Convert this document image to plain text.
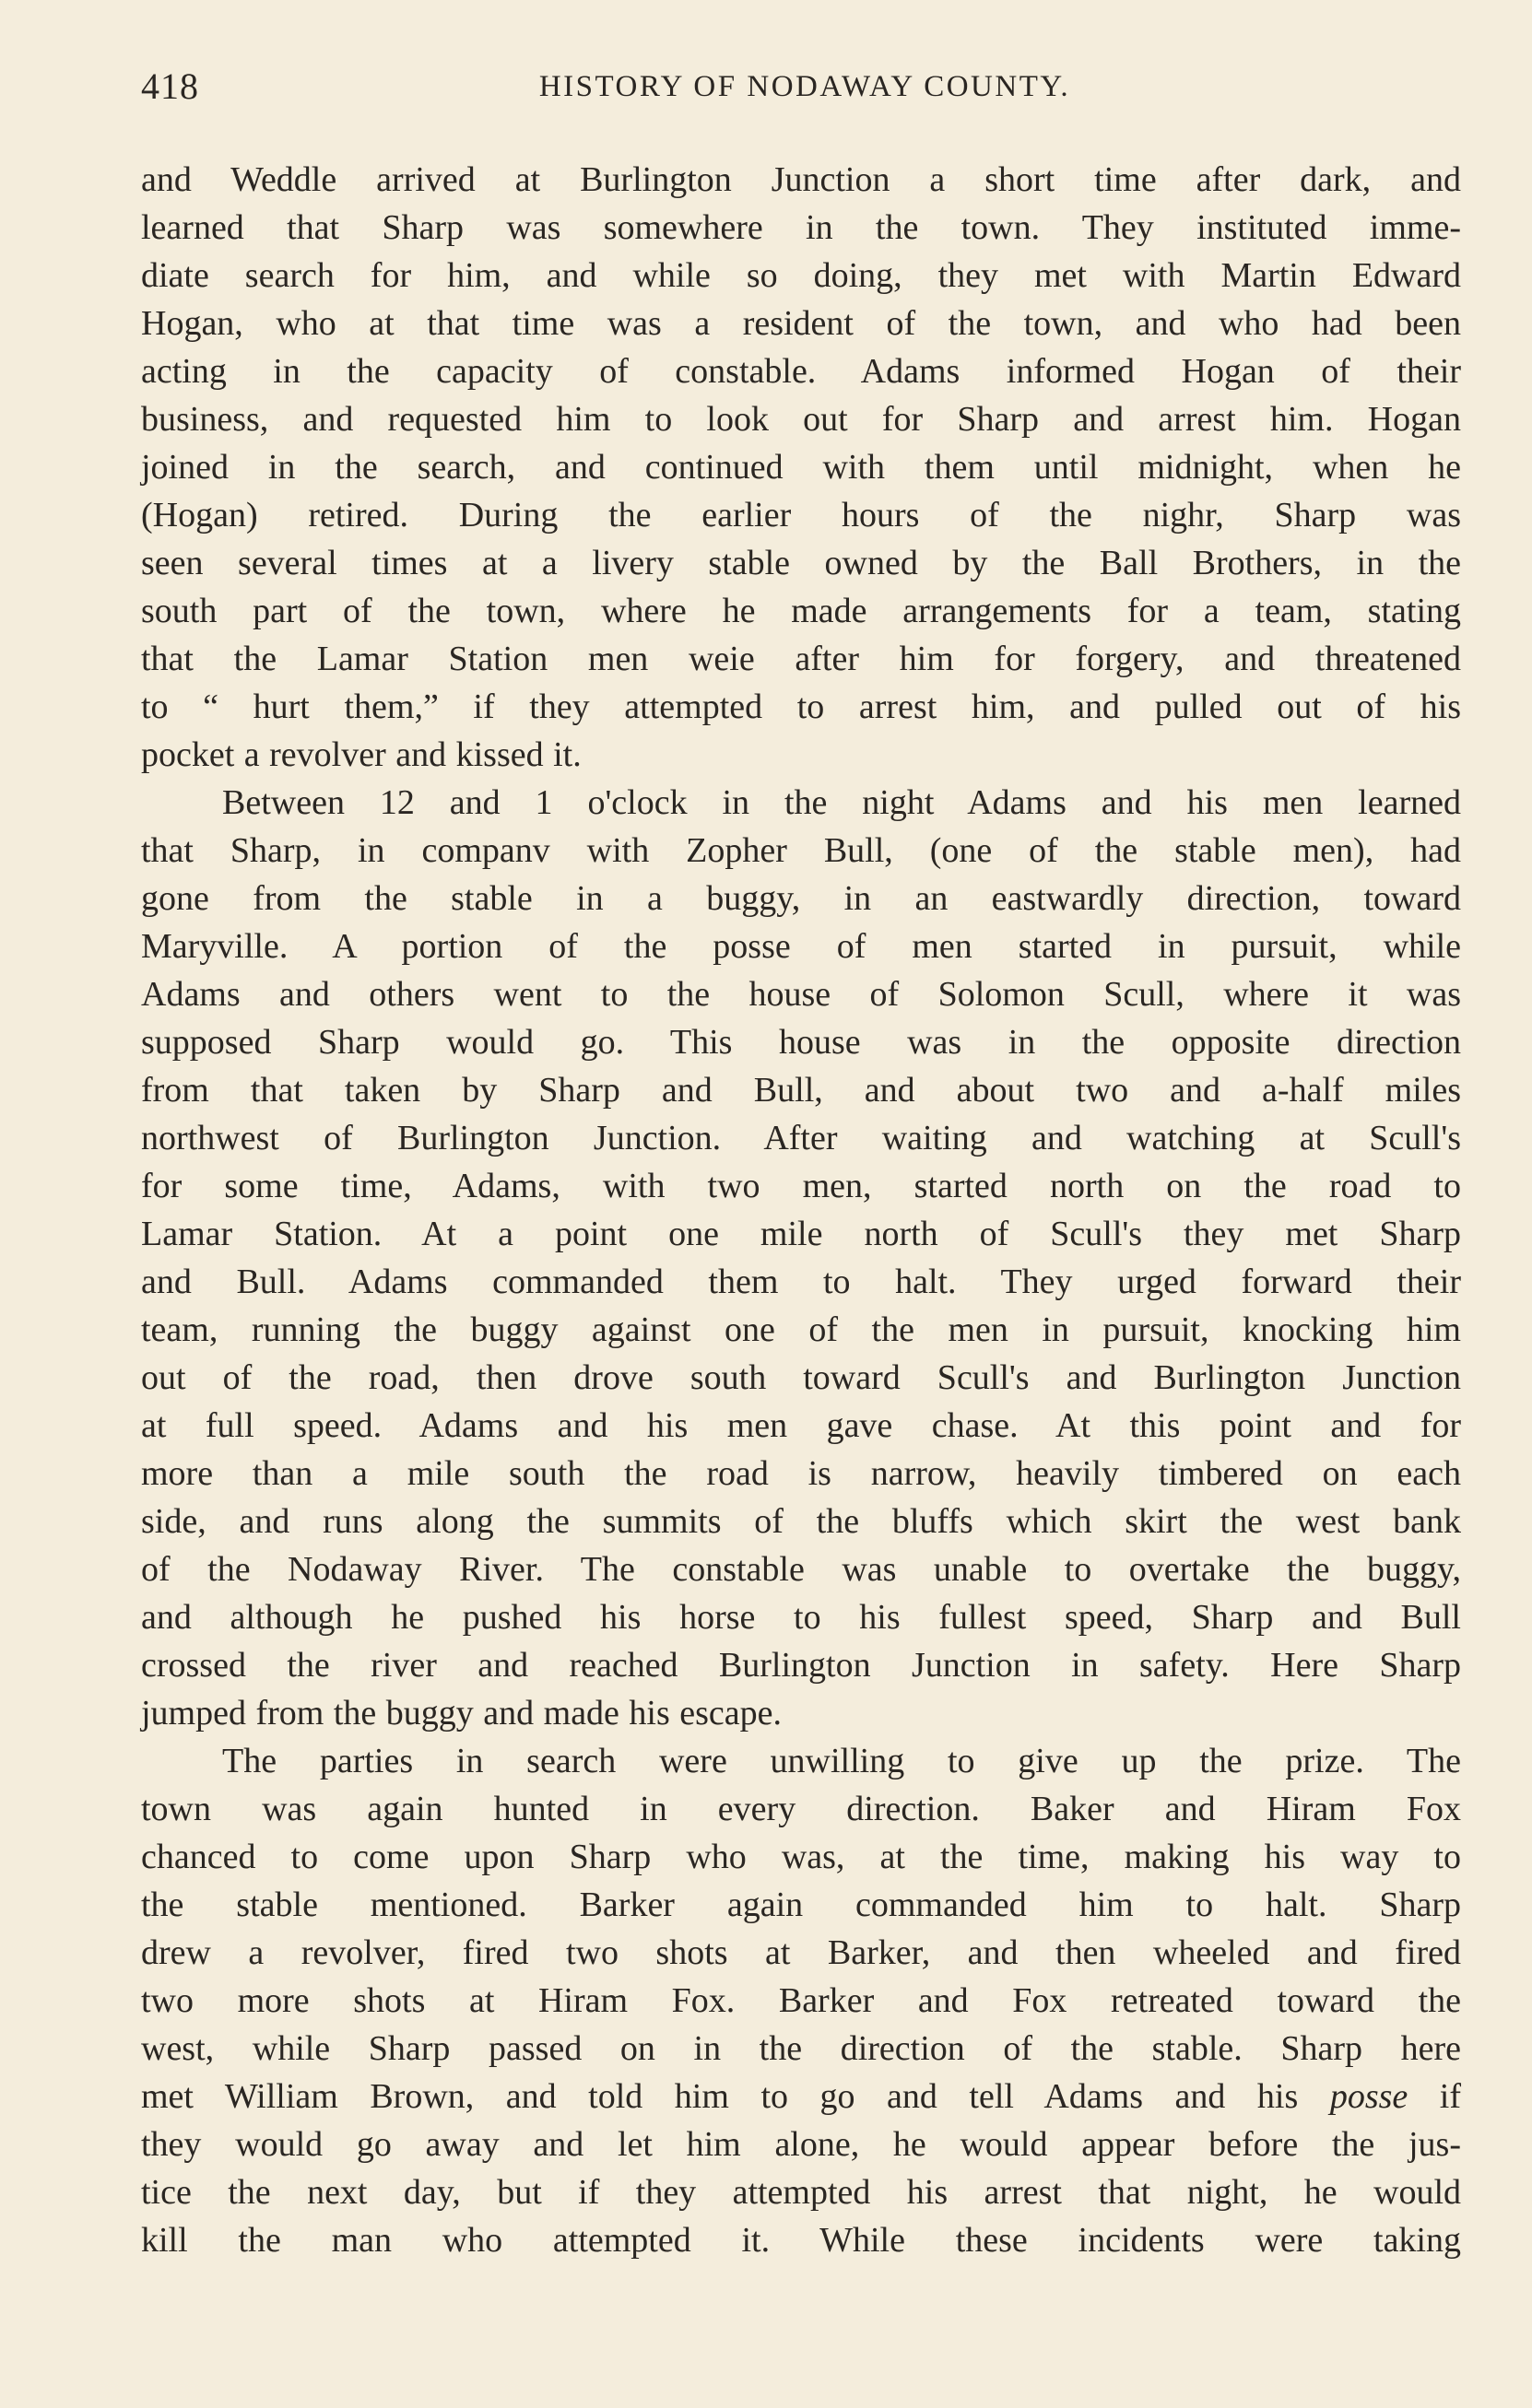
418	HISTORY OF NODAWAY COUNTY.
and Weddle arrived at Burlington Junction a short time after dark, and
learned that Sharp was somewhere in the town. They instituted imme-
diate search for him, and while so doing, they met with Martin Edward
Hogan, who at that time was a resident of the town, and who had been
acting in the capacity of constable. Adams informed Hogan of their
business, and requested him to look out for Sharp and arrest him. Hogan
joined in the search, and continued with them until midnight, when he
(Hogan) retired. During the earlier hours of the nighr, Sharp was
seen several times at a livery stable owned by the Ball Brothers, in the
south part of the town, where he made arrangements for a team, stating
that the Lamar Station men weie after him for forgery, and threatened
to “ hurt them,” if they attempted to arrest him, and pulled out of his
pocket a revolver and kissed it.
Between 12 and 1 o'clock in the night Adams and his men learned
that Sharp, in companv with Zopher Bull, (one of the stable men), had
gone from the stable in a buggy, in an eastwardly direction, toward
Maryville. A portion of the posse of men started in pursuit, while
Adams and others went to the house of Solomon Scull, where it was
supposed Sharp would go. This house was in the opposite direction
from that taken by Sharp and Bull, and about two and a-half miles
northwest of Burlington Junction. After waiting and watching at Scull's
for some time, Adams, with two men, started north on the road to
Lamar Station. At a point one mile north of Scull's they met Sharp
and Bull. Adams commanded them to halt. They urged forward their
team, running the buggy against one of the men in pursuit, knocking him
out of the road, then drove south toward Scull's and Burlington Junction
at full speed. Adams and his men gave chase. At this point and for
more than a mile south the road is narrow, heavily timbered on each
side, and runs along the summits of the bluffs which skirt the west bank
of the Nodaway River. The constable was unable to overtake the buggy,
and although he pushed his horse to his fullest speed, Sharp and Bull
crossed the river and reached Burlington Junction in safety. Here Sharp
jumped from the buggy and made his escape.
The parties in search were unwilling to give up the prize. The
town was again hunted in every direction. Baker and Hiram Fox
chanced to come upon Sharp who was, at the time, making his way to
the stable mentioned. Barker again commanded him to halt. Sharp
drew a revolver, fired two shots at Barker, and then wheeled and fired
two more shots at Hiram Fox. Barker and Fox retreated toward the
west, while Sharp passed on in the direction of the stable. Sharp here
met William Brown, and told him to go and tell Adams and his posse if
they would go away and let him alone, he would appear before the jus-
tice the next day, but if they attempted his arrest that night, he would
kill the man who attempted it. While these incidents were taking
